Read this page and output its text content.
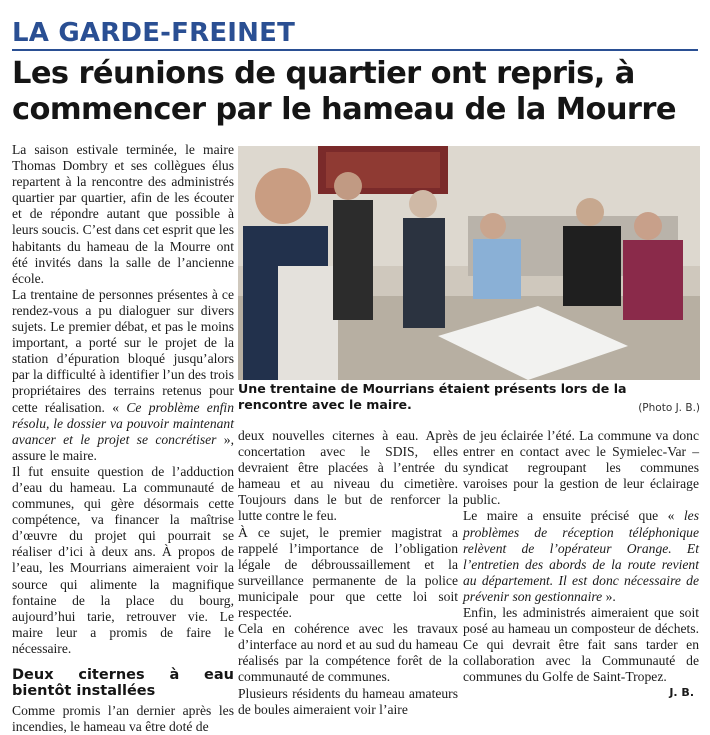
LA GARDE-FREINET
Les réunions de quartier ont repris, à commencer par le hameau de la Mourre

La saison estivale terminée, le maire Thomas Dombry et ses collègues élus repartent à la rencontre des administrés quartier par quartier, afin de les écouter et de répondre autant que possible à leurs soucis. C’est dans cet esprit que les habitants du hameau de la Mourre ont été invités dans la salle de l’ancienne école.

La trentaine de personnes présentes à ce rendez-vous a pu dialoguer sur divers sujets. Le premier débat, et pas le moins important, a porté sur le projet de la station d’épuration bloqué jusqu’alors par la difficulté à identifier l’un des trois propriétaires des terrains retenus pour cette réalisation. « Ce problème enfin résolu, le dossier va pouvoir maintenant avancer et le projet se concrétiser », assure le maire.

Il fut ensuite question de l’adduction d’eau du hameau. La communauté de communes, qui gère désormais cette compétence, va financer la maîtrise d’œuvre du projet qui pourrait se réaliser d’ici à deux ans. À propos de l’eau, les Mourrians aimeraient voir la source qui alimente la magnifique fontaine de la place du bourg, aujourd’hui tarie, retrouver vie. Le maire leur a promis de faire le nécessaire.

Deux citernes à eau bientôt installées

Comme promis l’an dernier après les incendies, le hameau va être doté de

Une trentaine de Mourrians étaient présents lors de la rencontre avec le maire.	(Photo J. B.)

deux nouvelles citernes à eau. Après concertation avec le SDIS, elles devraient être placées à l’entrée du hameau et au niveau du cimetière. Toujours dans le but de renforcer la lutte contre le feu.

À ce sujet, le premier magistrat a rappelé l’importance de l’obligation légale de débroussaillement et la surveillance permanente de la police municipale pour que cette loi soit respectée.

Cela en cohérence avec les travaux d’interface au nord et au sud du hameau réalisés par la compétence forêt de la communauté de communes.

Plusieurs résidents du hameau amateurs de boules aimeraient voir l’aire

de jeu éclairée l’été. La commune va donc entrer en contact avec le Symielec-Var – syndicat regroupant les communes varoises pour la gestion de leur éclairage public.

Le maire a ensuite précisé que « les problèmes de réception téléphonique relèvent de l’opérateur Orange. Et l’entretien des abords de la route revient au département. Il est donc nécessaire de prévenir son gestionnaire ».

Enfin, les administrés aimeraient que soit posé au hameau un composteur de déchets. Ce qui devrait être fait sans tarder en collaboration avec la Communauté de communes du Golfe de Saint-Tropez.

J. B.
